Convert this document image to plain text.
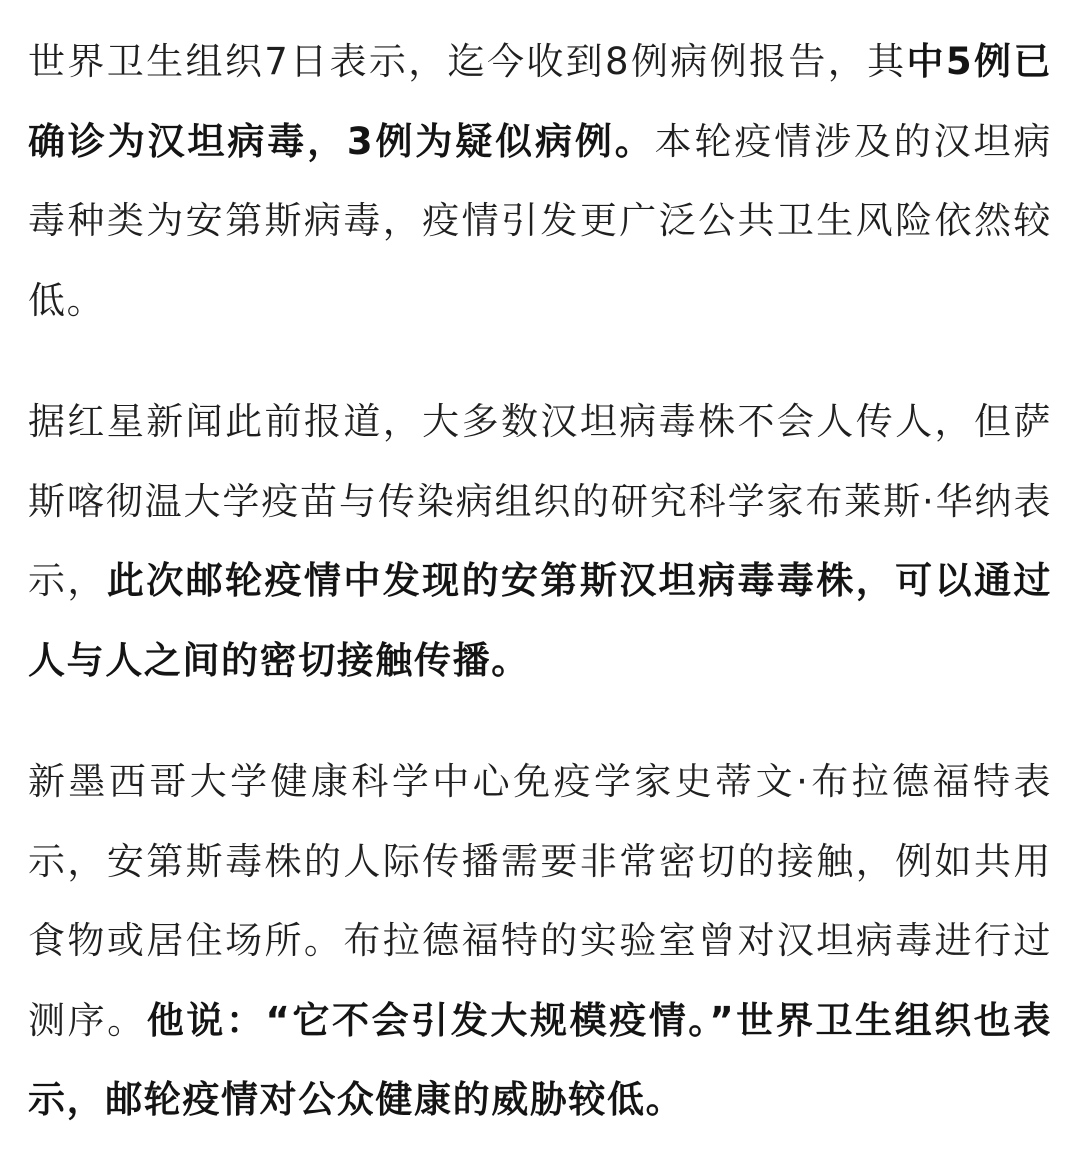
世界卫生组织7日表示，迄今收到8例病例报告，其中5例已确诊为汉坦病毒，3例为疑似病例。本轮疫情涉及的汉坦病毒种类为安第斯病毒，疫情引发更广泛公共卫生风险依然较低。

据红星新闻此前报道，大多数汉坦病毒株不会人传人，但萨斯喀彻温大学疫苗与传染病组织的研究科学家布莱斯·华纳表示，此次邮轮疫情中发现的安第斯汉坦病毒毒株，可以通过人与人之间的密切接触传播。

新墨西哥大学健康科学中心免疫学家史蒂文·布拉德福特表示，安第斯毒株的人际传播需要非常密切的接触，例如共用食物或居住场所。布拉德福特的实验室曾对汉坦病毒进行过测序。他说：“它不会引发大规模疫情。”世界卫生组织也表示，邮轮疫情对公众健康的威胁较低。
